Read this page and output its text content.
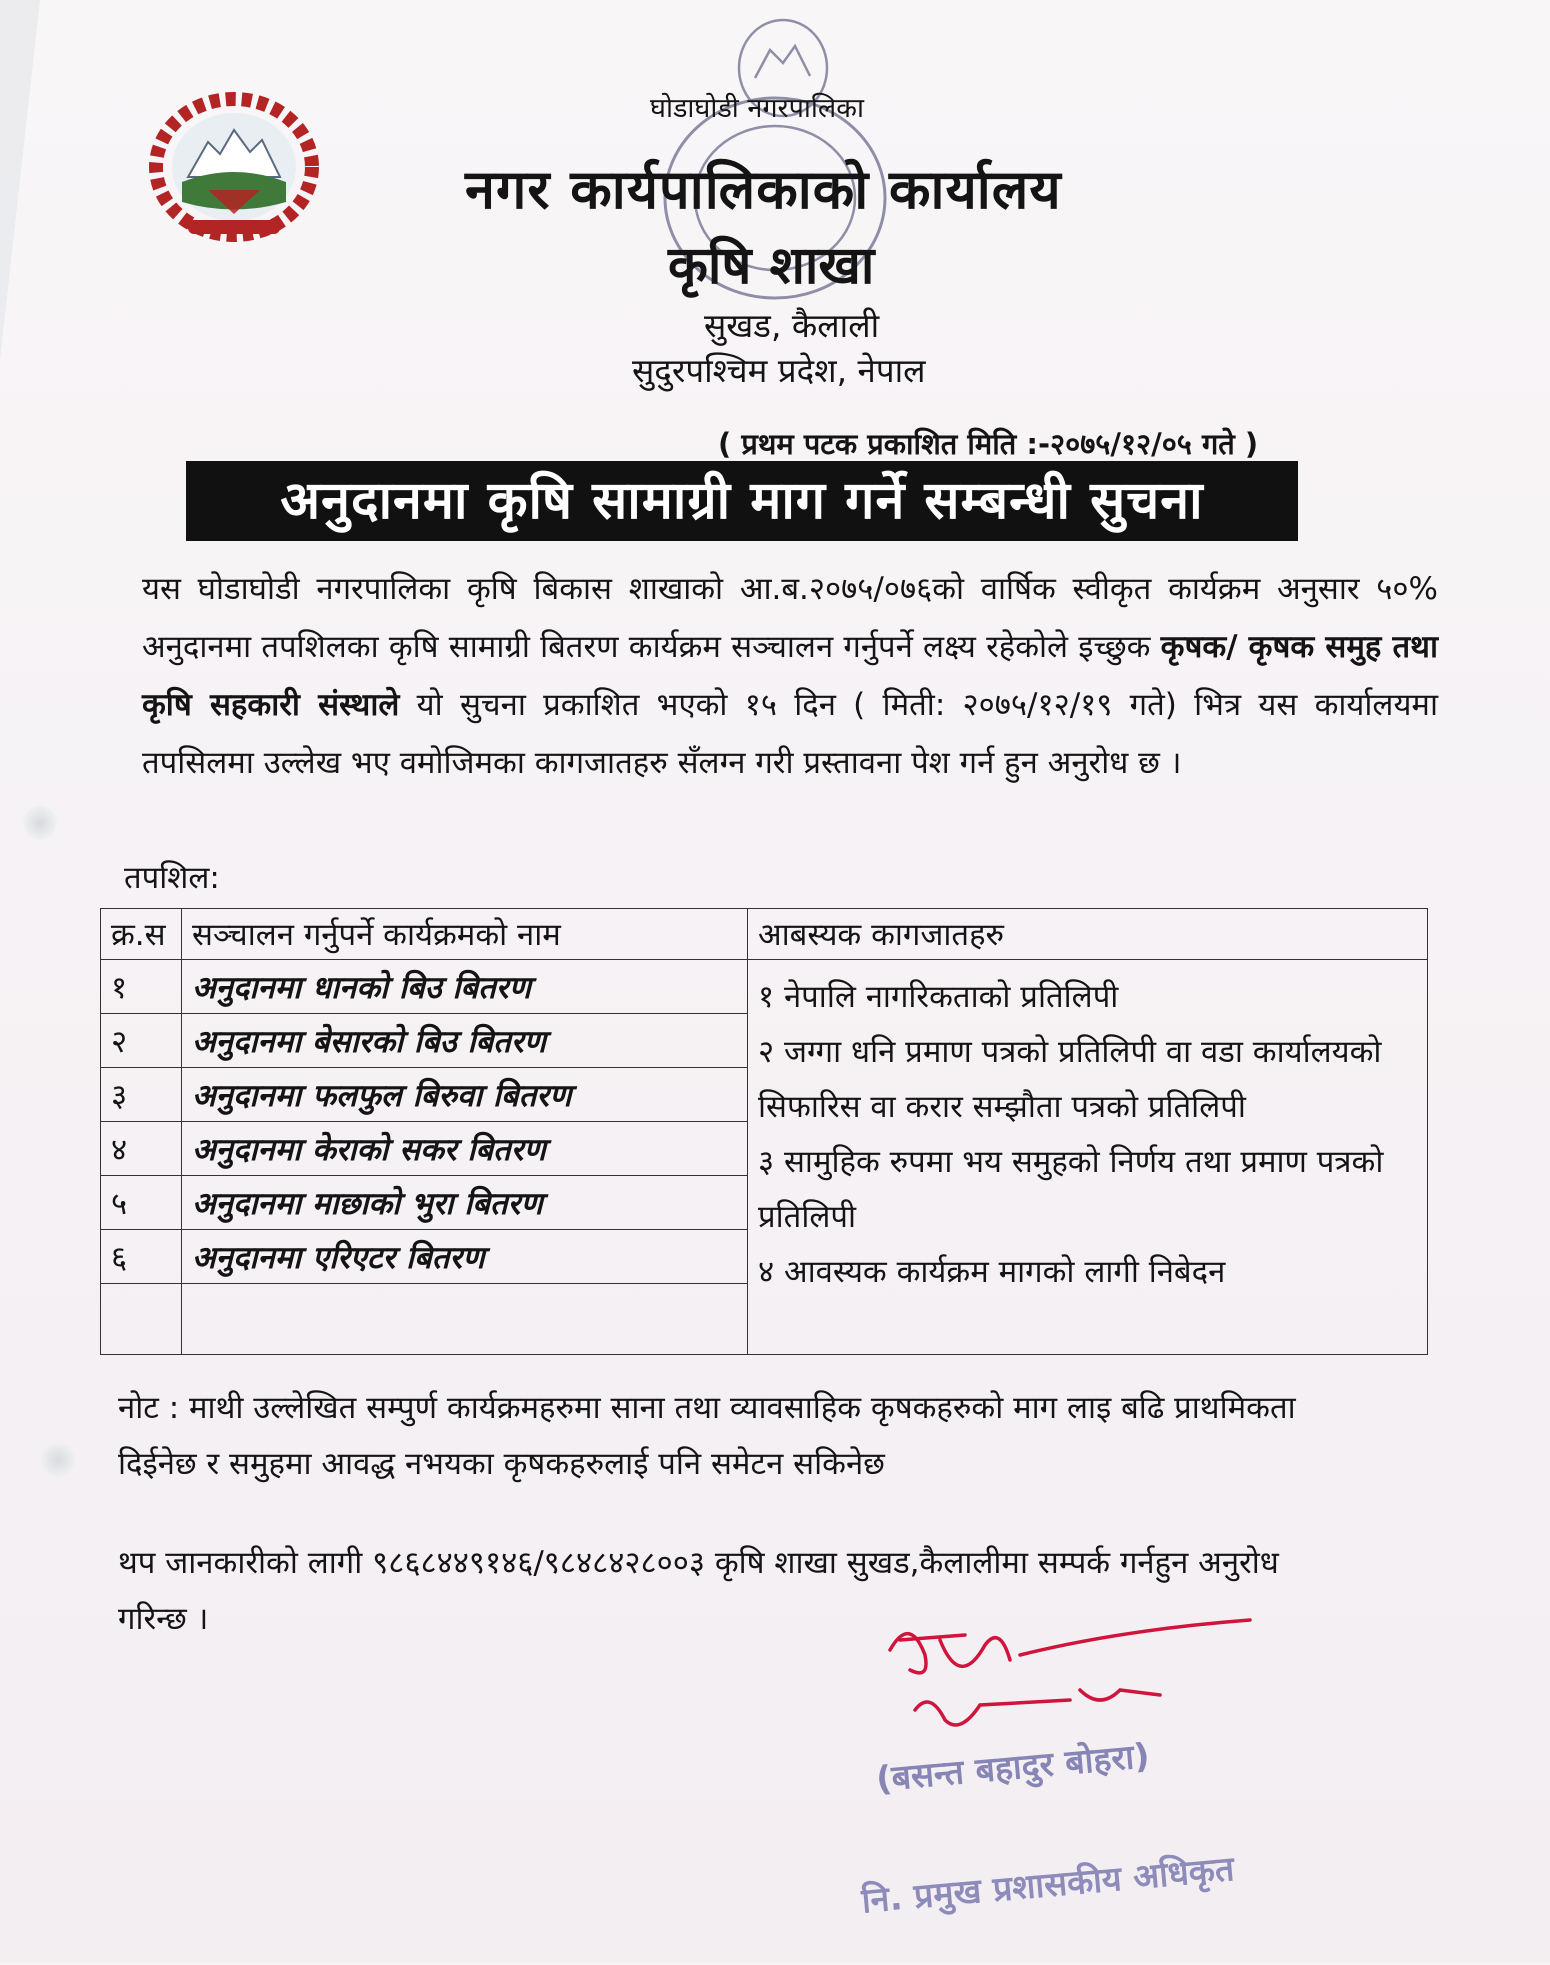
घोडाघोडी नगरपालिका
नगर कार्यपालिकाको कार्यालय
कृषि शाखा
सुखड, कैलाली
सुदुरपश्चिम प्रदेश, नेपाल
( प्रथम पटक प्रकाशित मिति :-२०७५/१२/०५ गते )
अनुदानमा कृषि सामाग्री माग गर्ने सम्बन्धी सुचना
यस घोडाघोडी नगरपालिका कृषि बिकास शाखाको आ.ब.२०७५/०७६को वार्षिक स्वीकृत कार्यक्रम अनुसार ५०% अनुदानमा तपशिलका कृषि सामाग्री बितरण कार्यक्रम सञ्चालन गर्नुपर्ने लक्ष्य रहेकोले इच्छुक कृषक/ कृषक समुह तथा कृषि सहकारी संस्थाले यो सुचना प्रकाशित भएको १५ दिन ( मिती: २०७५/१२/१९ गते) भित्र यस कार्यालयमा तपसिलमा उल्लेख भए वमोजिमका कागजातहरु सँलग्न गरी प्रस्तावना पेश गर्न हुन अनुरोध छ ।
तपशिल:
क्र.स	सञ्चालन गर्नुपर्ने कार्यक्रमको नाम	आबस्यक कागजातहरु
१	अनुदानमा धानको बिउ बितरण	१ नेपालि नागरिकताको प्रतिलिपी
२ जग्गा धनि प्रमाण पत्रको प्रतिलिपी वा वडा कार्यालयको सिफारिस वा करार सम्झौता पत्रको प्रतिलिपी
३ सामुहिक रुपमा भय समुहको निर्णय तथा प्रमाण पत्रको प्रतिलिपी
४ आवस्यक कार्यक्रम मागको लागी निबेदन

२	अनुदानमा बेसारको बिउ बितरण	
३	अनुदानमा फलफुल बिरुवा बितरण	
४	अनुदानमा केराको सकर बितरण	
५	अनुदानमा माछाको भुरा बितरण	
६	अनुदानमा एरिएटर बितरण	

नोट : माथी उल्लेखित सम्पुर्ण कार्यक्रमहरुमा साना तथा व्यावसाहिक कृषकहरुको माग लाइ बढि प्राथमिकता दिईनेछ र समुहमा आवद्ध नभयका कृषकहरुलाई पनि समेटन सकिनेछ
थप जानकारीको लागी ९८६८४४९१४६/९८४८४२८००३ कृषि शाखा सुखड,कैलालीमा सम्पर्क गर्नहुन अनुरोध गरिन्छ ।
(बसन्त बहादुर बोहरा)
नि. प्रमुख प्रशासकीय अधिकृत
